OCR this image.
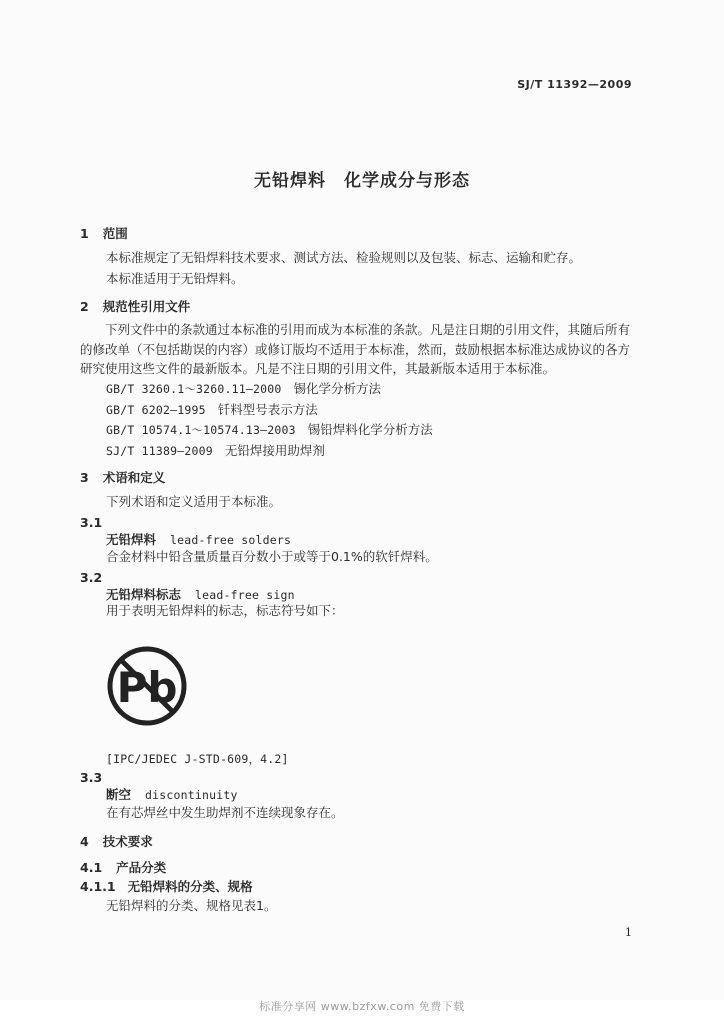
SJ/T 11392—2009
无铅焊料　化学成分与形态
1 范围
本标准规定了无铅焊料技术要求、测试方法、检验规则以及包装、标志、运输和贮存。
本标准适用于无铅焊料。
2 规范性引用文件
下列文件中的条款通过本标准的引用而成为本标准的条款。凡是注日期的引用文件，其随后所有的修改单（不包括勘误的内容）或修订版均不适用于本标准，然而，鼓励根据本标准达成协议的各方研究使用这些文件的最新版本。凡是不注日期的引用文件，其最新版本适用于本标准。
GB/T 3260.1～3260.11—2000 锡化学分析方法
GB/T 6202—1995 钎料型号表示方法
GB/T 10574.1～10574.13—2003 锡铅焊料化学分析方法
SJ/T 11389—2009 无铅焊接用助焊剂
3 术语和定义
下列术语和定义适用于本标准。
3.1
无铅焊料 lead-free solders
合金材料中铅含量质量百分数小于或等于0.1%的软钎焊料。
3.2
无铅焊料标志 lead-free sign
用于表明无铅焊料的标志，标志符号如下：
Pb
[IPC/JEDEC J-STD-609，4.2]
3.3
断空 discontinuity
在有芯焊丝中发生助焊剂不连续现象存在。
4 技术要求
4.1 产品分类
4.1.1 无铅焊料的分类、规格
无铅焊料的分类、规格见表1。
1
标准分享网 www.bzfxw.com 免费下载
